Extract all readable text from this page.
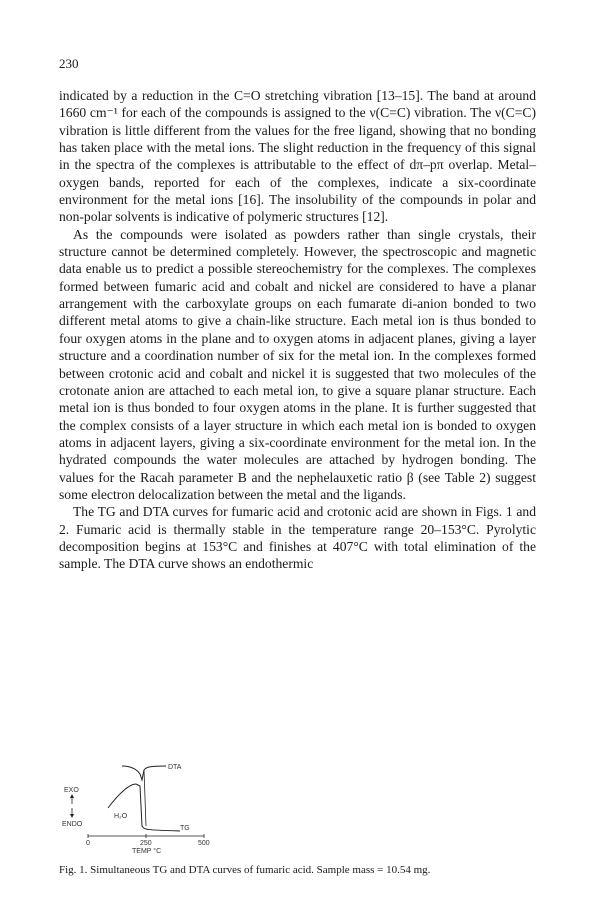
230

indicated by a reduction in the C=O stretching vibration [13–15]. The band at around 1660 cm⁻¹ for each of the compounds is assigned to the ν(C=C) vibration. The ν(C=C) vibration is little different from the values for the free ligand, showing that no bonding has taken place with the metal ions. The slight reduction in the frequency of this signal in the spectra of the complexes is attributable to the effect of dπ–pπ overlap. Metal–oxygen bands, reported for each of the complexes, indicate a six-coordinate environment for the metal ions [16]. The insolubility of the compounds in polar and non-polar solvents is indicative of polymeric structures [12].

As the compounds were isolated as powders rather than single crystals, their structure cannot be determined completely. However, the spectroscopic and magnetic data enable us to predict a possible stereochemistry for the complexes. The complexes formed between fumaric acid and cobalt and nickel are considered to have a planar arrangement with the carboxylate groups on each fumarate di-anion bonded to two different metal atoms to give a chain-like structure. Each metal ion is thus bonded to four oxygen atoms in the plane and to oxygen atoms in adjacent planes, giving a layer structure and a coordination number of six for the metal ion. In the complexes formed between crotonic acid and cobalt and nickel it is suggested that two molecules of the crotonate anion are attached to each metal ion, to give a square planar structure. Each metal ion is thus bonded to four oxygen atoms in the plane. It is further suggested that the complex consists of a layer structure in which each metal ion is bonded to oxygen atoms in adjacent layers, giving a six-coordinate environment for the metal ion. In the hydrated compounds the water molecules are attached by hydrogen bonding. The values for the Racah parameter B and the nephelauxetic ratio β (see Table 2) suggest some electron delocalization between the metal and the ligands.

The TG and DTA curves for fumaric acid and crotonic acid are shown in Figs. 1 and 2. Fumaric acid is thermally stable in the temperature range 20–153°C. Pyrolytic decomposition begins at 153°C and finishes at 407°C with total elimination of the sample. The DTA curve shows an endothermic

DTA
TG
EXO
ENDO
H₂O
0	250	500
TEMP °C
Fig. 1. Simultaneous TG and DTA curves of fumaric acid. Sample mass = 10.54 mg.
